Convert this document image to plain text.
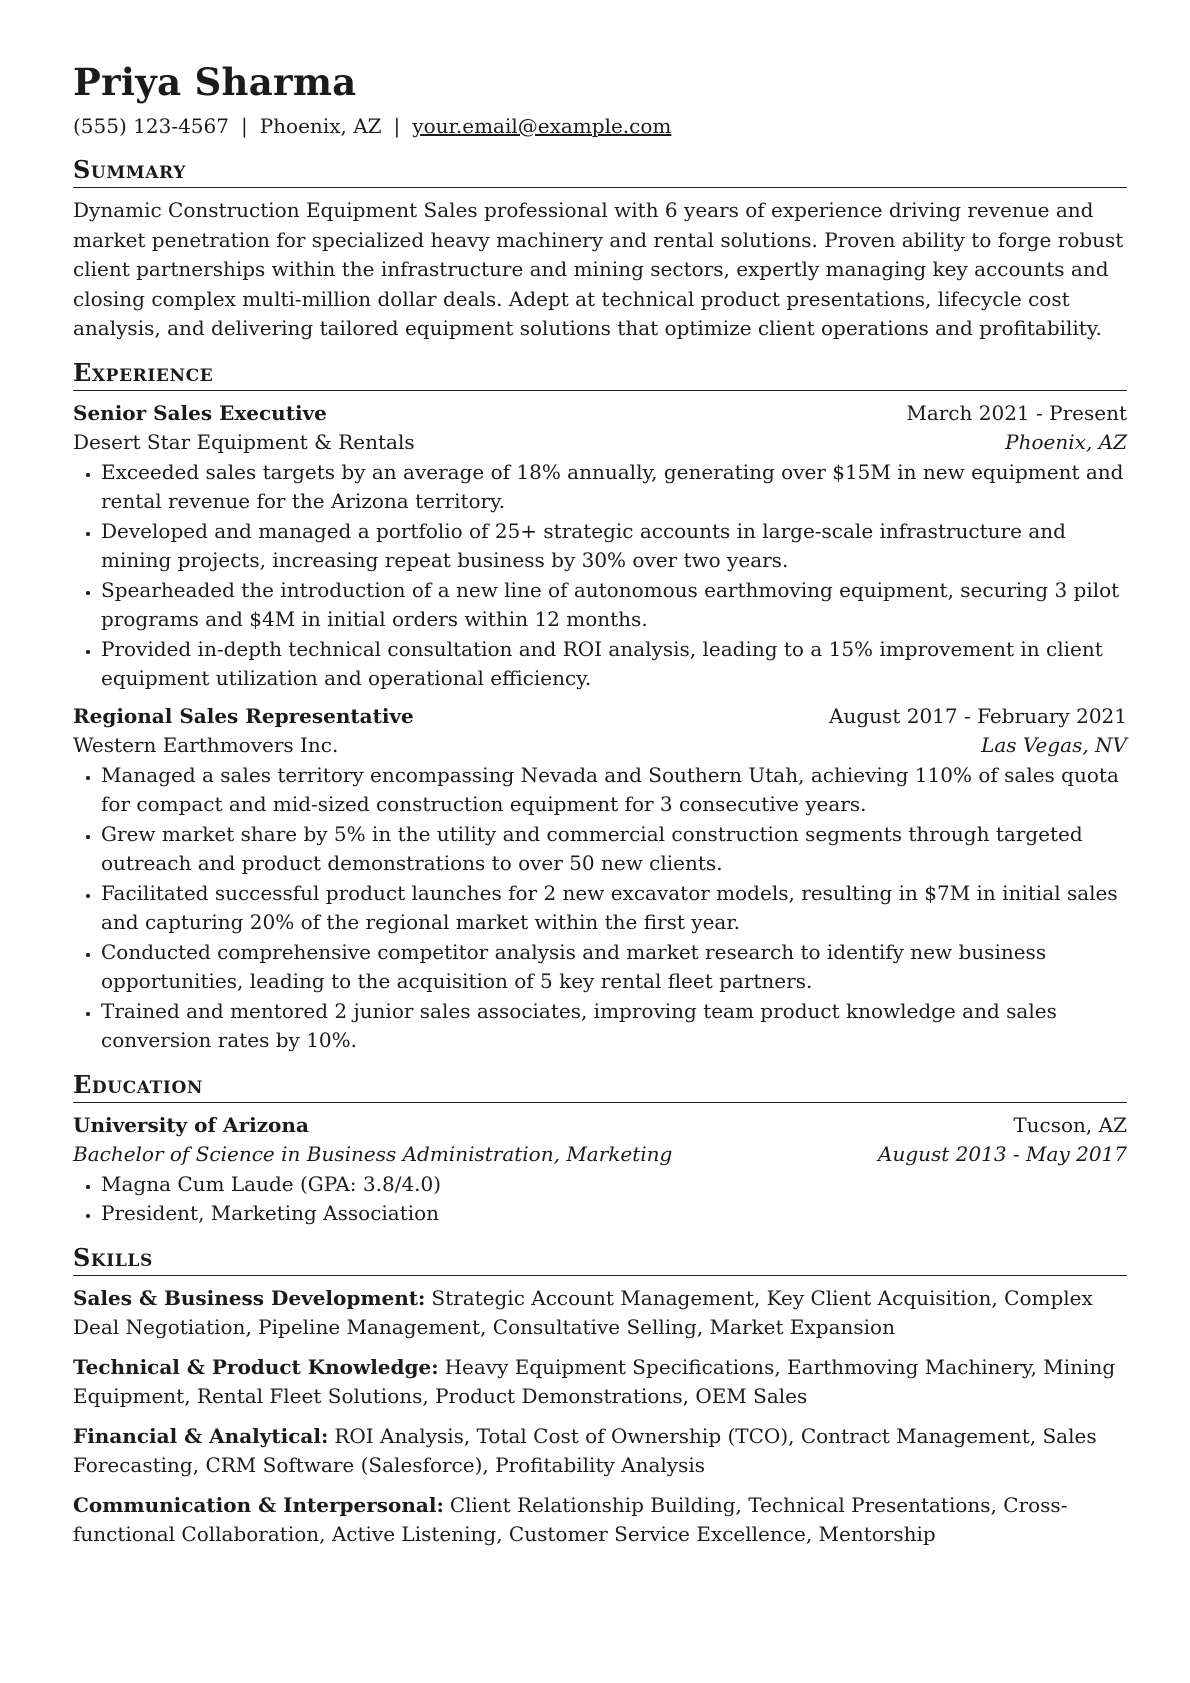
Priya Sharma
(555) 123-4567 | Phoenix, AZ | your.email@example.com
Summary

Dynamic Construction Equipment Sales professional with 6 years of experience driving revenue and market penetration for specialized heavy machinery and rental solutions. Proven ability to forge robust client partnerships within the infrastructure and mining sectors, expertly managing key accounts and closing complex multi-million dollar deals. Adept at technical product presentations, lifecycle cost analysis, and delivering tailored equipment solutions that optimize client operations and profitability.

Experience
Senior Sales Executive	March 2021 - Present
Desert Star Equipment & Rentals	Phoenix, AZ
• Exceeded sales targets by an average of 18% annually, generating over $15M in new equipment and rental revenue for the Arizona territory.
• Developed and managed a portfolio of 25+ strategic accounts in large-scale infrastructure and mining projects, increasing repeat business by 30% over two years.
• Spearheaded the introduction of a new line of autonomous earthmoving equipment, securing 3 pilot programs and $4M in initial orders within 12 months.
• Provided in-depth technical consultation and ROI analysis, leading to a 15% improvement in client equipment utilization and operational efficiency.
Regional Sales Representative	August 2017 - February 2021
Western Earthmovers Inc.	Las Vegas, NV
• Managed a sales territory encompassing Nevada and Southern Utah, achieving 110% of sales quota for compact and mid-sized construction equipment for 3 consecutive years.
• Grew market share by 5% in the utility and commercial construction segments through targeted outreach and product demonstrations to over 50 new clients.
• Facilitated successful product launches for 2 new excavator models, resulting in $7M in initial sales and capturing 20% of the regional market within the first year.
• Conducted comprehensive competitor analysis and market research to identify new business opportunities, leading to the acquisition of 5 key rental fleet partners.
• Trained and mentored 2 junior sales associates, improving team product knowledge and sales conversion rates by 10%.
Education
University of Arizona	Tucson, AZ
Bachelor of Science in Business Administration, Marketing	August 2013 - May 2017
• Magna Cum Laude (GPA: 3.8/4.0)
• President, Marketing Association
Skills

Sales & Business Development: Strategic Account Management, Key Client Acquisition, Complex Deal Negotiation, Pipeline Management, Consultative Selling, Market Expansion

Technical & Product Knowledge: Heavy Equipment Specifications, Earthmoving Machinery, Mining Equipment, Rental Fleet Solutions, Product Demonstrations, OEM Sales

Financial & Analytical: ROI Analysis, Total Cost of Ownership (TCO), Contract Management, Sales Forecasting, CRM Software (Salesforce), Profitability Analysis

Communication & Interpersonal: Client Relationship Building, Technical Presentations, Cross-functional Collaboration, Active Listening, Customer Service Excellence, Mentorship
